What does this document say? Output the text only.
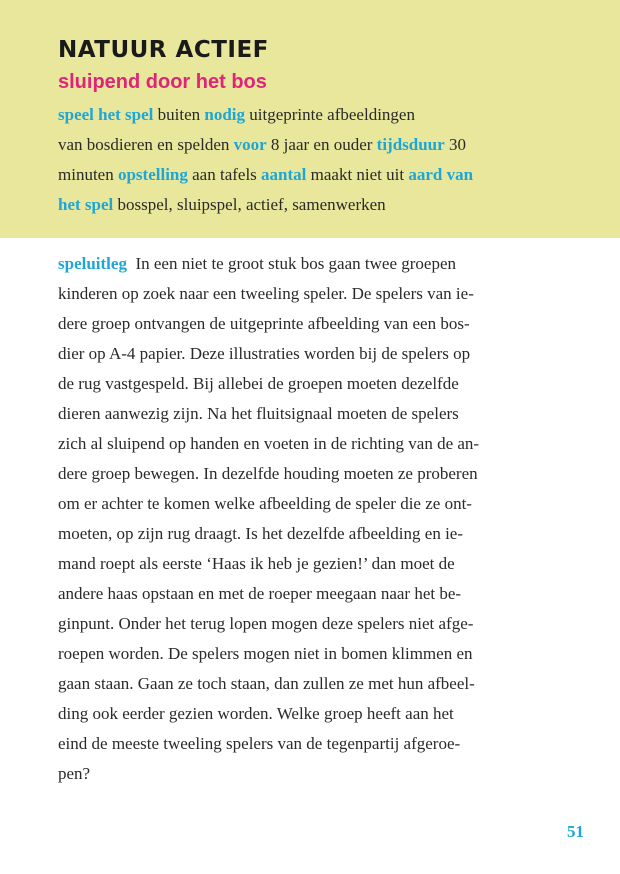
NATUUR ACTIEF
sluipend door het bos
speel het spel buiten nodig uitgeprinte afbeeldingen
van bosdieren en spelden voor 8 jaar en ouder tijdsduur 30
minuten opstelling aan tafels aantal maakt niet uit aard van
het spel bosspel, sluipspel, actief, samenwerken
speluitleg In een niet te groot stuk bos gaan twee groepen
kinderen op zoek naar een tweeling speler. De spelers van ie-
dere groep ontvangen de uitgeprinte afbeelding van een bos-
dier op A-4 papier. Deze illustraties worden bij de spelers op
de rug vastgespeld. Bij allebei de groepen moeten dezelfde
dieren aanwezig zijn. Na het fluitsignaal moeten de spelers
zich al sluipend op handen en voeten in de richting van de an-
dere groep bewegen. In dezelfde houding moeten ze proberen
om er achter te komen welke afbeelding de speler die ze ont-
moeten, op zijn rug draagt. Is het dezelfde afbeelding en ie-
mand roept als eerste ‘Haas ik heb je gezien!’ dan moet de
andere haas opstaan en met de roeper meegaan naar het be-
ginpunt. Onder het terug lopen mogen deze spelers niet afge-
roepen worden. De spelers mogen niet in bomen klimmen en
gaan staan. Gaan ze toch staan, dan zullen ze met hun afbeel-
ding ook eerder gezien worden. Welke groep heeft aan het
eind de meeste tweeling spelers van de tegenpartij afgeroe-
pen?
51
